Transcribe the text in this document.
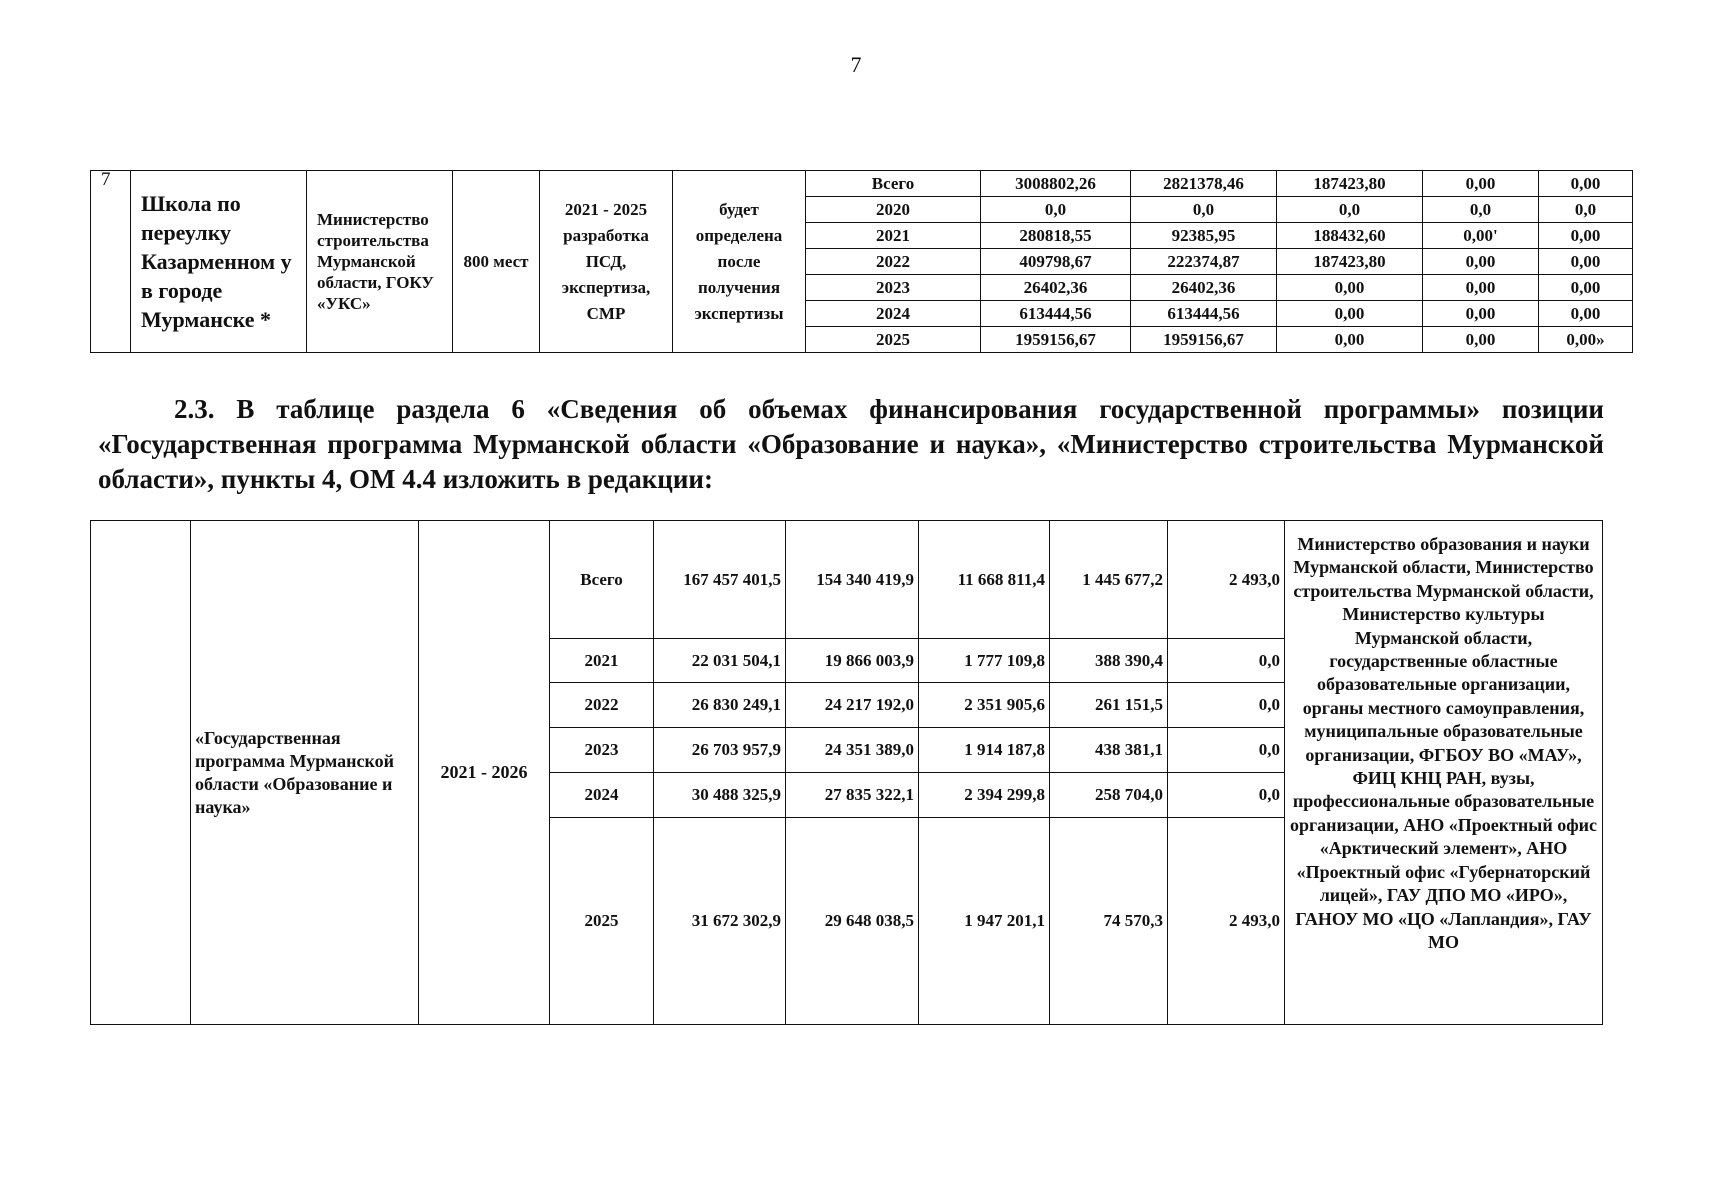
7
7	Школа по переулку Казарменном у в городе Мурманске *	Министерство строительства Мурманской области, ГОКУ «УКС»	800 мест	2021 - 2025 разработка ПСД, экспертиза, СМР	будет определена после получения экспертизы	Всего	3008802,26	2821378,46	187423,80	0,00	0,00
						2020	0,0	0,0	0,0	0,0	0,0
						2021	280818,55	92385,95	188432,60	0,00'	0,00
						2022	409798,67	222374,87	187423,80	0,00	0,00
						2023	26402,36	26402,36	0,00	0,00	0,00
						2024	613444,56	613444,56	0,00	0,00	0,00
						2025	1959156,67	1959156,67	0,00	0,00	0,00»
2.3. В таблице раздела 6 «Сведения об объемах финансирования государственной программы» позиции «Государственная программа Мурманской области «Образование и наука», «Министерство строительства Мурманской области», пункты 4, ОМ 4.4 изложить в редакции:
	«Государственная программа Мурманской области «Образование и наука»	2021 - 2026	Всего	167 457 401,5	154 340 419,9	11 668 811,4	1 445 677,2	2 493,0	Министерство образования и науки Мурманской области, Министерство строительства Мурманской области, Министерство культуры Мурманской области, государственные областные образовательные организации, органы местного самоуправления, муниципальные образовательные организации, ФГБОУ ВО «МАУ», ФИЦ КНЦ РАН, вузы, профессиональные образовательные организации, АНО «Проектный офис «Арктический элемент», АНО «Проектный офис «Губернаторский лицей», ГАУ ДПО МО «ИРО», ГАНОУ МО «ЦО «Лапландия», ГАУ МО
			2021	22 031 504,1	19 866 003,9	1 777 109,8	388 390,4	0,0	
			2022	26 830 249,1	24 217 192,0	2 351 905,6	261 151,5	0,0	
			2023	26 703 957,9	24 351 389,0	1 914 187,8	438 381,1	0,0	
			2024	30 488 325,9	27 835 322,1	2 394 299,8	258 704,0	0,0	
			2025	31 672 302,9	29 648 038,5	1 947 201,1	74 570,3	2 493,0	
